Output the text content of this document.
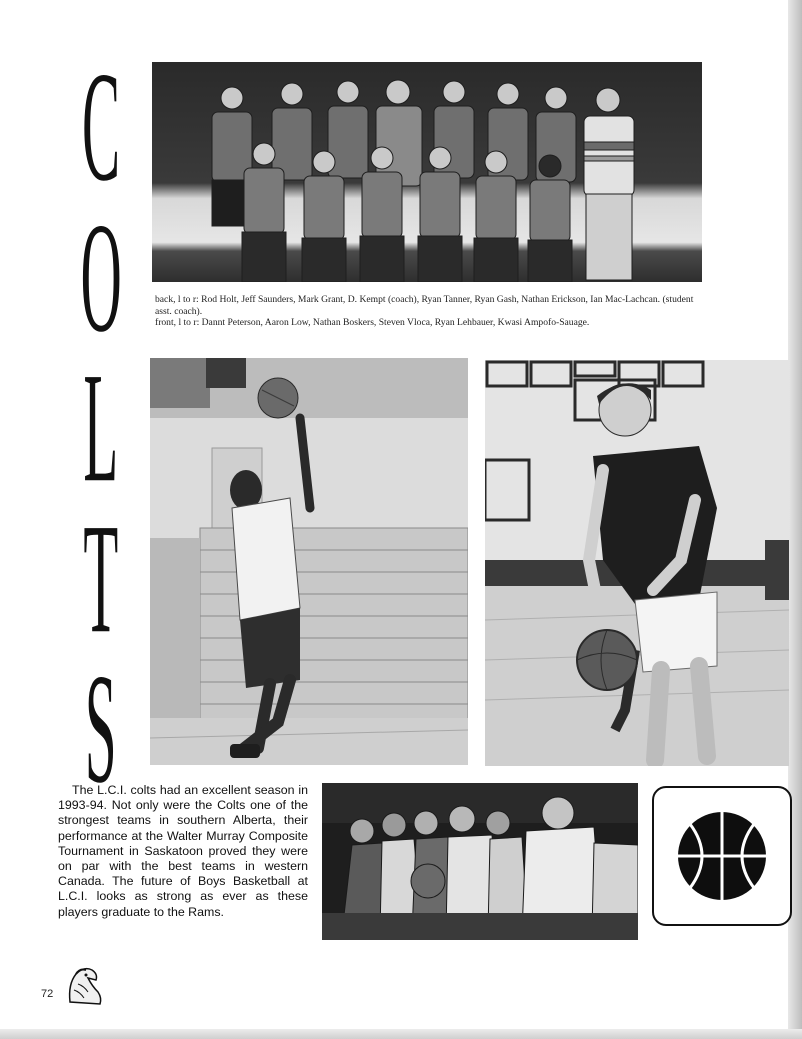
C
O
L
T
S

back, l to r: Rod Holt, Jeff Saunders, Mark Grant, D. Kempt (coach), Ryan Tanner, Ryan Gash, Nathan Erickson, Ian Mac-Lachcan. (student asst. coach).

front, l to r: Dannt Peterson, Aaron Low, Nathan Boskers, Steven Vloca, Ryan Lehbauer, Kwasi Ampofo-Sauage.

The L.C.I. colts had an excellent season in 1993-94. Not only were the Colts one of the strongest teams in southern Alberta, their performance at the Walter Murray Composite Tournament in Saskatoon proved they were on par with the best teams in western Canada. The future of Boys Basketball at L.C.I. looks as strong as ever as these players graduate to the Rams.
72
